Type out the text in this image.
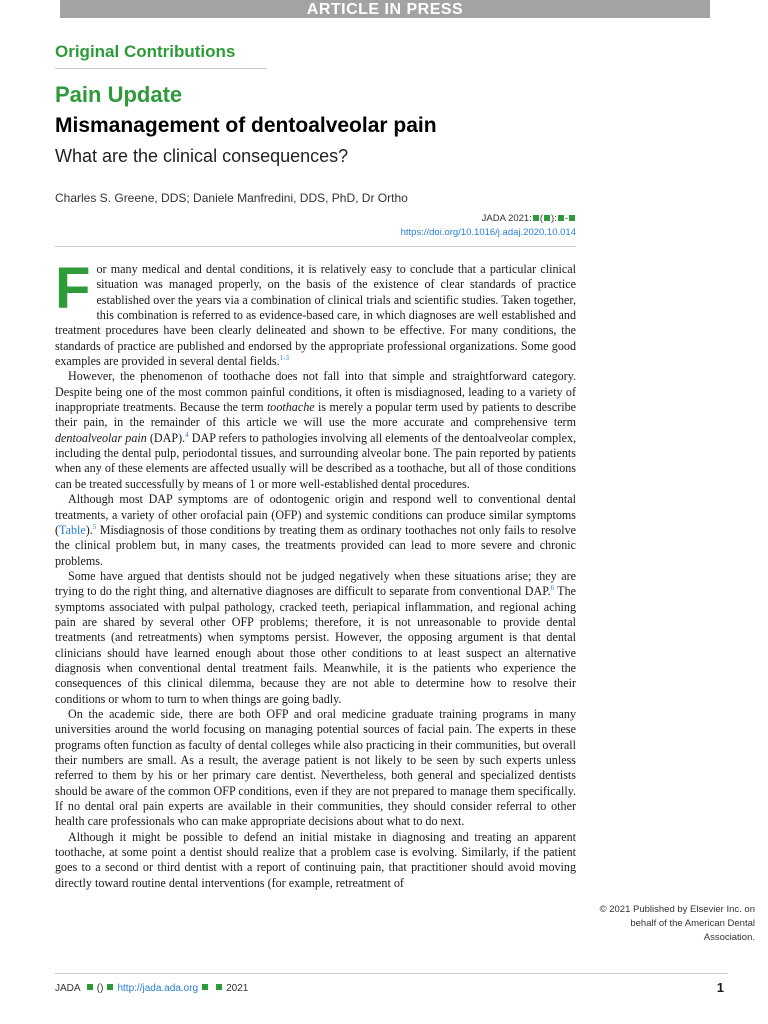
ARTICLE IN PRESS
Original Contributions
Pain Update
Mismanagement of dentoalveolar pain
What are the clinical consequences?
Charles S. Greene, DDS; Daniele Manfredini, DDS, PhD, Dr Ortho
JADA 2021: ( ): -
https://doi.org/10.1016/j.adaj.2020.10.014

For many medical and dental conditions, it is relatively easy to conclude that a particular clinical situation was managed properly, on the basis of the existence of clear standards of practice established over the years via a combination of clinical trials and scientific studies. Taken together, this combination is referred to as evidence-based care, in which diagnoses are well established and treatment procedures have been clearly delineated and shown to be effective. For many conditions, the standards of practice are published and endorsed by the appropriate professional organizations. Some good examples are provided in several dental fields.$^{1-3}$

However, the phenomenon of toothache does not fall into that simple and straightforward category. Despite being one of the most common painful conditions, it often is misdiagnosed, leading to a variety of inappropriate treatments. Because the term toothache is merely a popular term used by patients to describe their pain, in the remainder of this article we will use the more accurate and comprehensive term dentoalveolar pain (DAP).$^4$ DAP refers to pathologies involving all elements of the dentoalveolar complex, including the dental pulp, periodontal tissues, and surrounding alveolar bone. The pain reported by patients when any of these elements are affected usually will be described as a toothache, but all of those conditions can be treated successfully by means of 1 or more well-established dental procedures.

Although most DAP symptoms are of odontogenic origin and respond well to conventional dental treatments, a variety of other orofacial pain (OFP) and systemic conditions can produce similar symptoms (Table).$^5$ Misdiagnosis of those conditions by treating them as ordinary toothaches not only fails to resolve the clinical problem but, in many cases, the treatments provided can lead to more severe and chronic problems.

Some have argued that dentists should not be judged negatively when these situations arise; they are trying to do the right thing, and alternative diagnoses are difficult to separate from conventional DAP.$^6$ The symptoms associated with pulpal pathology, cracked teeth, periapical inflammation, and regional aching pain are shared by several other OFP problems; therefore, it is not unreasonable to provide dental treatments (and retreatments) when symptoms persist. However, the opposing argument is that dental clinicians should have learned enough about those other conditions to at least suspect an alternative diagnosis when conventional dental treatment fails. Meanwhile, it is the patients who experience the consequences of this clinical dilemma, because they are not able to determine how to resolve their conditions or whom to turn to when things are going badly.

On the academic side, there are both OFP and oral medicine graduate training programs in many universities around the world focusing on managing potential sources of facial pain. The experts in these programs often function as faculty of dental colleges while also practicing in their communities, but overall their numbers are small. As a result, the average patient is not likely to be seen by such experts unless referred to them by his or her primary care dentist. Nevertheless, both general and specialized dentists should be aware of the common OFP conditions, even if they are not prepared to manage them specifically. If no dental oral pain experts are available in their communities, they should consider referral to other health care professionals who can make appropriate decisions about what to do next.

Although it might be possible to defend an initial mistake in diagnosing and treating an apparent toothache, at some point a dentist should realize that a problem case is evolving. Similarly, if the patient goes to a second or third dentist with a report of continuing pain, that practitioner should avoid moving directly toward routine dental interventions (for example, retreatment of

© 2021 Published by Elsevier Inc. on behalf of the American Dental Association.
JADA () http://jada.ada.org	2021	1
